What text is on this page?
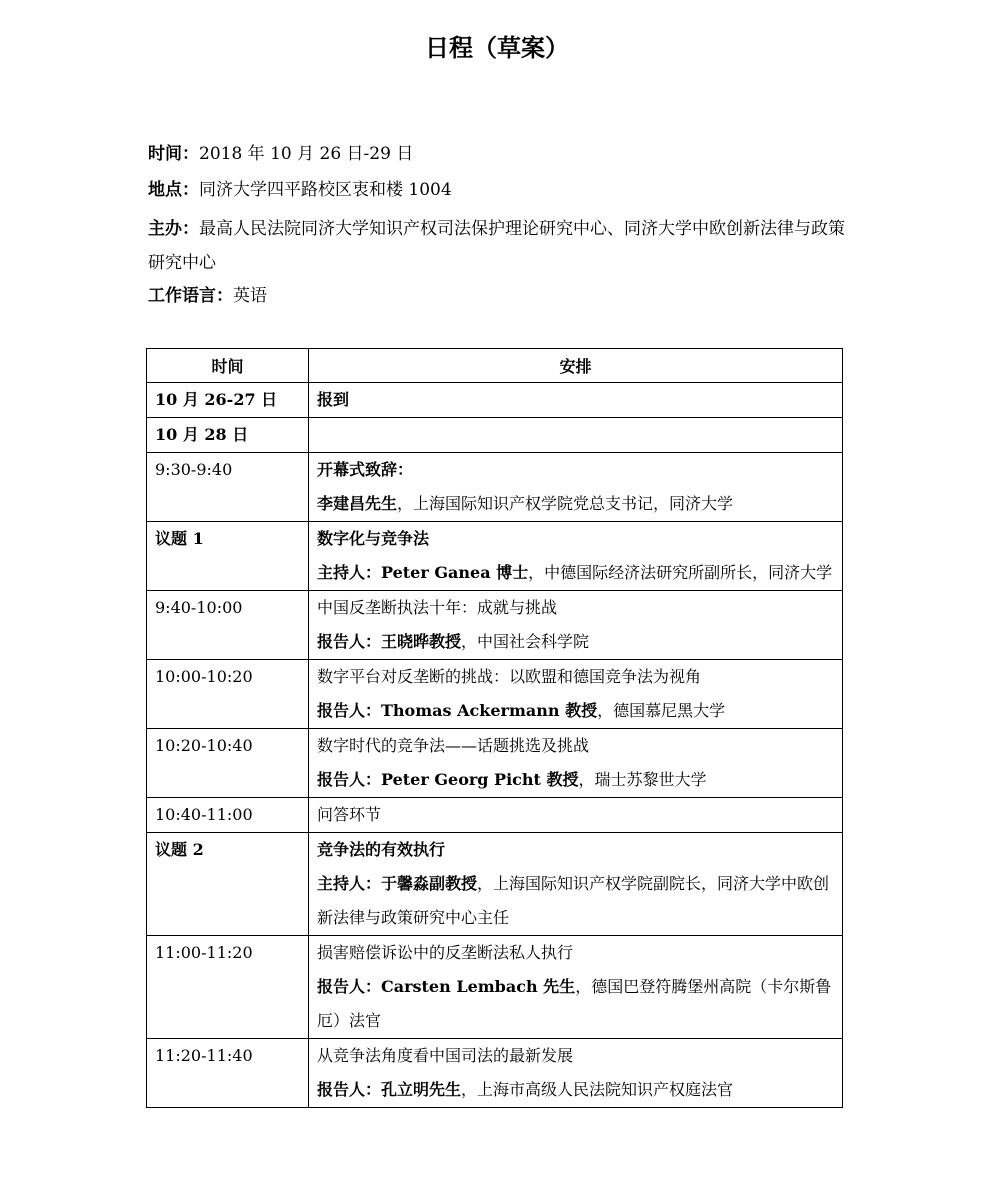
日程（草案）
时间：2018 年 10 月 26 日-29 日
地点：同济大学四平路校区衷和楼 1004
主办：最高人民法院同济大学知识产权司法保护理论研究中心、同济大学中欧创新法律与政策研究中心
工作语言：英语
时间	安排

10 月 26-27 日	报到

10 月 28 日	

9:30-9:40	开幕式致辞：
李建昌先生，上海国际知识产权学院党总支书记，同济大学

议题 1	数字化与竞争法
主持人：Peter Ganea 博士，中德国际经济法研究所副所长，同济大学

9:40-10:00	中国反垄断执法十年：成就与挑战
报告人：王晓晔教授，中国社会科学院

10:00-10:20	数字平台对反垄断的挑战：以欧盟和德国竞争法为视角
报告人：Thomas Ackermann 教授，德国慕尼黑大学

10:20-10:40	数字时代的竞争法——话题挑选及挑战
报告人：Peter Georg Picht 教授，瑞士苏黎世大学

10:40-11:00	问答环节

议题 2	竞争法的有效执行
主持人：于馨淼副教授，上海国际知识产权学院副院长，同济大学中欧创新法律与政策研究中心主任

11:00-11:20	损害赔偿诉讼中的反垄断法私人执行
报告人：Carsten Lembach 先生，德国巴登符腾堡州高院（卡尔斯鲁厄）法官

11:20-11:40	从竞争法角度看中国司法的最新发展
报告人：孔立明先生，上海市高级人民法院知识产权庭法官
